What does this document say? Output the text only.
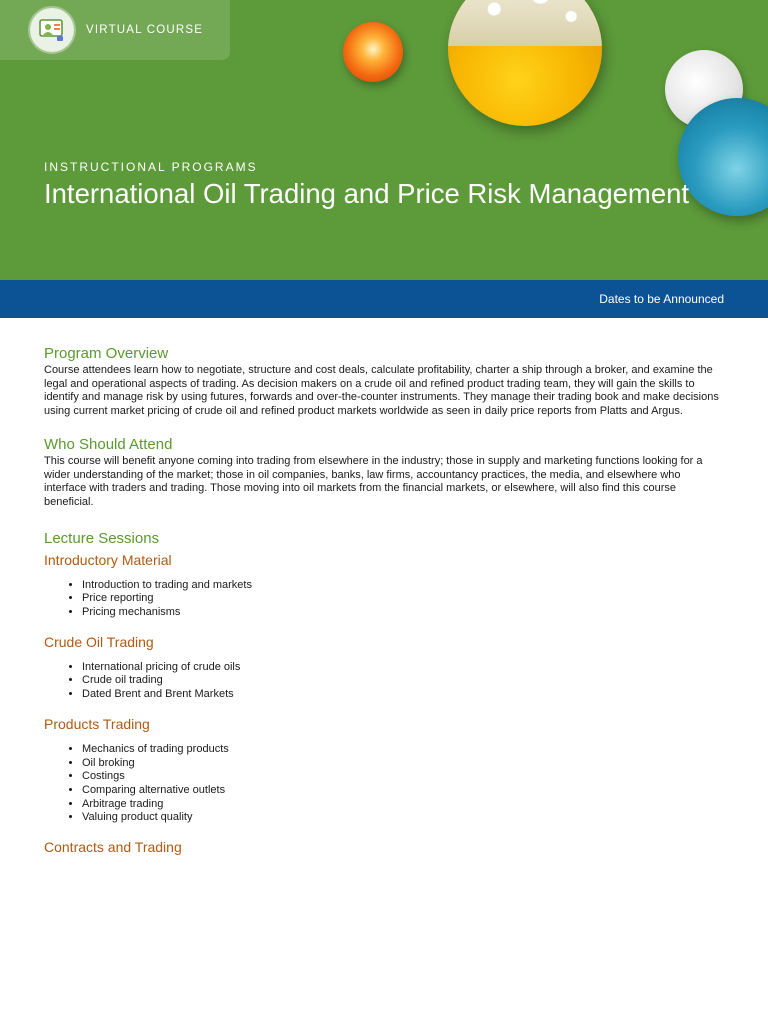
VIRTUAL COURSE
INSTRUCTIONAL PROGRAMS
International Oil Trading and Price Risk Management
Dates to be Announced
Program Overview

Course attendees learn how to negotiate, structure and cost deals, calculate profitability, charter a ship through a broker, and examine the legal and operational aspects of trading. As decision makers on a crude oil and refined product trading team, they will gain the skills to identify and manage risk by using futures, forwards and over-the-counter instruments. They manage their trading book and make decisions using current market pricing of crude oil and refined product markets worldwide as seen in daily price reports from Platts and Argus.

Who Should Attend

This course will benefit anyone coming into trading from elsewhere in the industry; those in supply and marketing functions looking for a wider understanding of the market; those in oil companies, banks, law firms, accountancy practices, the media, and elsewhere who interface with traders and trading. Those moving into oil markets from the financial markets, or elsewhere, will also find this course beneficial.

Lecture Sessions
Introductory Material
• Introduction to trading and markets
• Price reporting
• Pricing mechanisms
Crude Oil Trading
• International pricing of crude oils
• Crude oil trading
• Dated Brent and Brent Markets
Products Trading
• Mechanics of trading products
• Oil broking
• Costings
• Comparing alternative outlets
• Arbitrage trading
• Valuing product quality
Contracts and Trading
